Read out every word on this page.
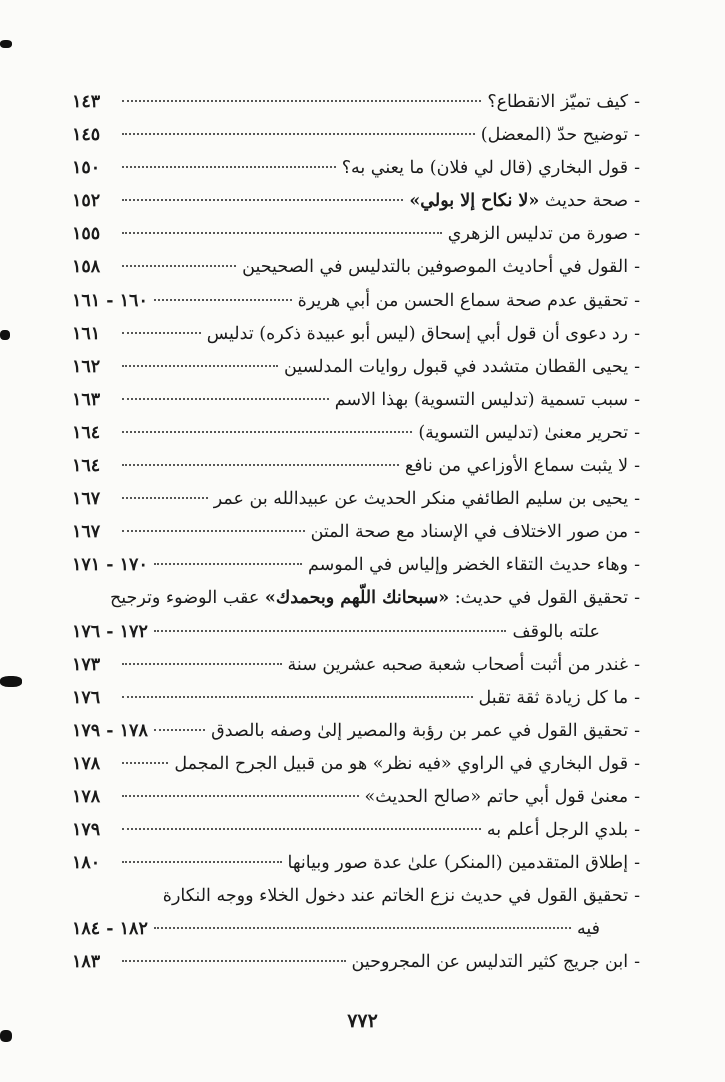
-
كيف تميّز الانقطاع؟
١٤٣
-
توضيح حدّ (المعضل)
١٤٥
-
قول البخاري (قال لي فلان) ما يعني به؟
١٥٠
-
صحة حديث «لا نكاح إلا بولي»
١٥٢
-
صورة من تدليس الزهري
١٥٥
-
القول في أحاديث الموصوفين بالتدليس في الصحيحين
١٥٨
-
تحقيق عدم صحة سماع الحسن من أبي هريرة
١٦٠ - ١٦١
-
رد دعوى أن قول أبي إسحاق (ليس أبو عبيدة ذكره) تدليس
١٦١
-
يحيى القطان متشدد في قبول روايات المدلسين
١٦٢
-
سبب تسمية (تدليس التسوية) بهذا الاسم
١٦٣
-
تحرير معنىٰ (تدليس التسوية)
١٦٤
-
لا يثبت سماع الأوزاعي من نافع
١٦٤
-
يحيى بن سليم الطائفي منكر الحديث عن عبيدالله بن عمر
١٦٧
-
من صور الاختلاف في الإسناد مع صحة المتن
١٦٧
-
وهاء حديث التقاء الخضر وإلياس في الموسم
١٧٠ - ١٧١
-
تحقيق القول في حديث: «سبحانك اللّهم وبحمدك» عقب الوضوء وترجيح
علته بالوقف
١٧٢ - ١٧٦
-
غندر من أثبت أصحاب شعبة صحبه عشرين سنة
١٧٣
-
ما كل زيادة ثقة تقبل
١٧٦
-
تحقيق القول في عمر بن رؤبة والمصير إلىٰ وصفه بالصدق
١٧٨ - ١٧٩
-
قول البخاري في الراوي «فيه نظر» هو من قبيل الجرح المجمل
١٧٨
-
معنىٰ قول أبي حاتم «صالح الحديث»
١٧٨
-
بلدي الرجل أعلم به
١٧٩
-
إطلاق المتقدمين (المنكر) علىٰ عدة صور وبيانها
١٨٠
-
تحقيق القول في حديث نزع الخاتم عند دخول الخلاء ووجه النكارة
فيه
١٨٢ - ١٨٤
-
ابن جريج كثير التدليس عن المجروحين
١٨٣
٧٧٢
